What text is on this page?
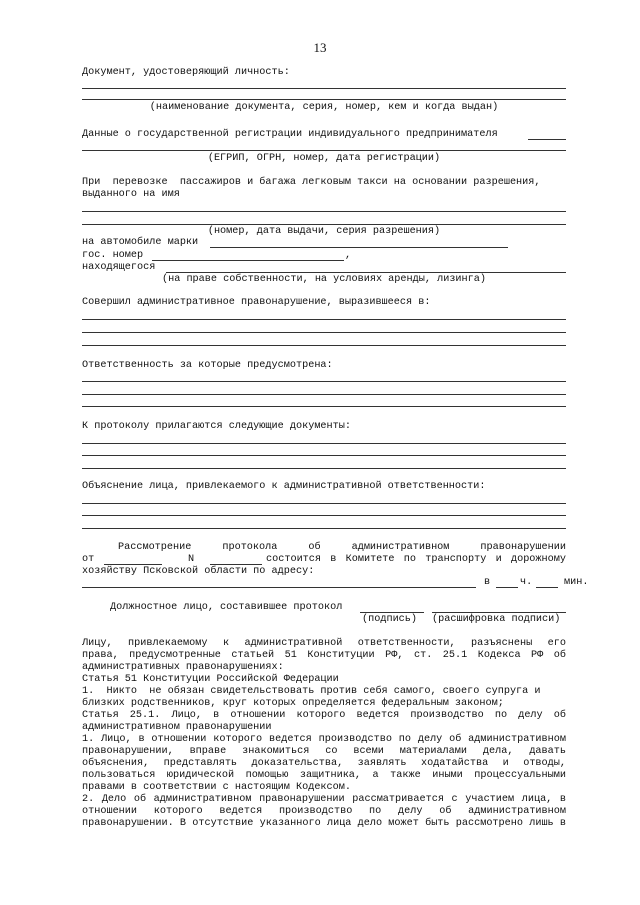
13
Документ, удостоверяющий личность:
(наименование документа, серия, номер, кем и когда выдан)
Данные о государственной регистрации индивидуального предпринимателя
(ЕГРИП, ОГРН, номер, дата регистрации)
При  перевозке  пассажиров и багажа легковым такси на основании разрешения,
выданного на имя
(номер, дата выдачи, серия разрешения)
на автомобиле марки
гос. номер	,
находящегося
(на праве собственности, на условиях аренды, лизинга)
Совершил административное правонарушение, выразившееся в:
Ответственность за которые предусмотрена:
К протоколу прилагаются следующие документы:
Объяснение лица, привлекаемого к административной ответственности:
Рассмотрение протокола об административном правонарушении
от	N	состоится в Комитете по транспорту и дорожному
хозяйству Псковской области по адресу:
в	ч.	мин.
Должностное лицо, составившее протокол
(подпись) (расшифровка подписи)
Лицу, привлекаемому к административной ответственности, разъяснены его
права, предусмотренные статьей 51 Конституции РФ, ст. 25.1 Кодекса РФ об
административных правонарушениях:
Статья 51 Конституции Российской Федерации
1.  Никто  не обязан свидетельствовать против себя самого, своего супруга и
близких родственников, круг которых определяется федеральным законом;
Статья 25.1. Лицо, в отношении которого ведется производство по делу об
административном правонарушении
1. Лицо, в отношении которого ведется производство по делу об административном
правонарушении, вправе знакомиться со всеми материалами дела, давать
объяснения, представлять доказательства, заявлять ходатайства и отводы,
пользоваться юридической помощью защитника, а также иными процессуальными
правами в соответствии с настоящим Кодексом.
2. Дело об административном правонарушении рассматривается с участием лица, в
отношении которого ведется производство по делу об административном
правонарушении. В отсутствие указанного лица дело может быть рассмотрено лишь в
